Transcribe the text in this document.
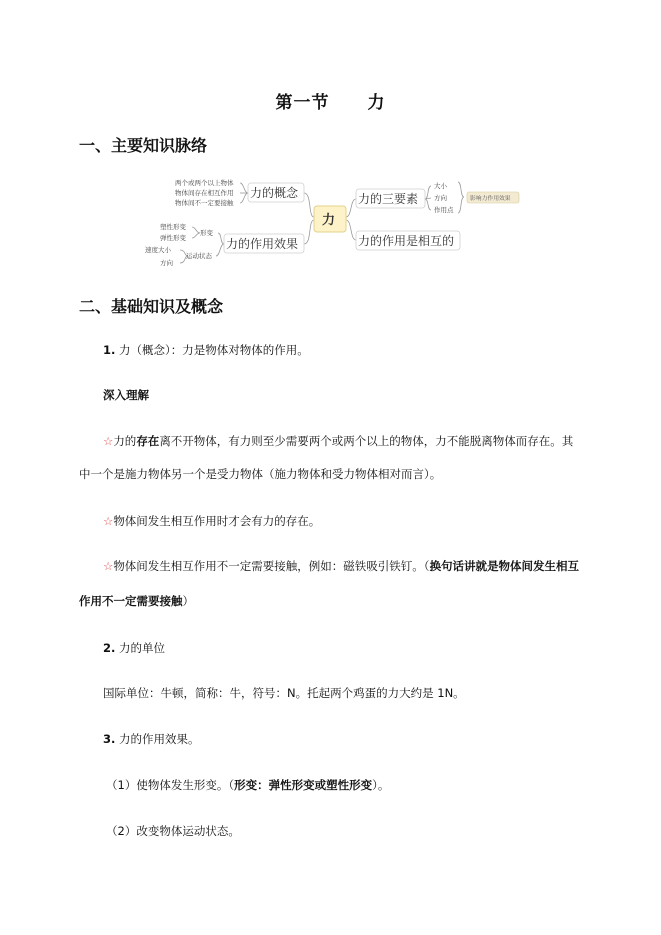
第一节 力
一、主要知识脉络
两个或两个以上物体
物体间存在相互作用
物体间不一定要接触
力的概念
力
塑性形变
弹性形变
形变
速度大小
方向
运动状态
力的作用效果
力的三要素
大小
方向
作用点
影响力作用效果
力的作用是相互的
二、基础知识及概念
1. 力（概念）：力是物体对物体的作用。
深入理解
☆力的存在离不开物体，有力则至少需要两个或两个以上的物体，力不能脱离物体而存在。其
中一个是施力物体另一个是受力物体（施力物体和受力物体相对而言）。
☆物体间发生相互作用时才会有力的存在。
☆物体间发生相互作用不一定需要接触，例如：磁铁吸引铁钉。（换句话讲就是物体间发生相互
作用不一定需要接触）
2. 力的单位
国际单位：牛顿，简称：牛，符号：N。托起两个鸡蛋的力大约是 1N。
3. 力的作用效果。
（1）使物体发生形变。（形变：弹性形变或塑性形变）。
（2）改变物体运动状态。
